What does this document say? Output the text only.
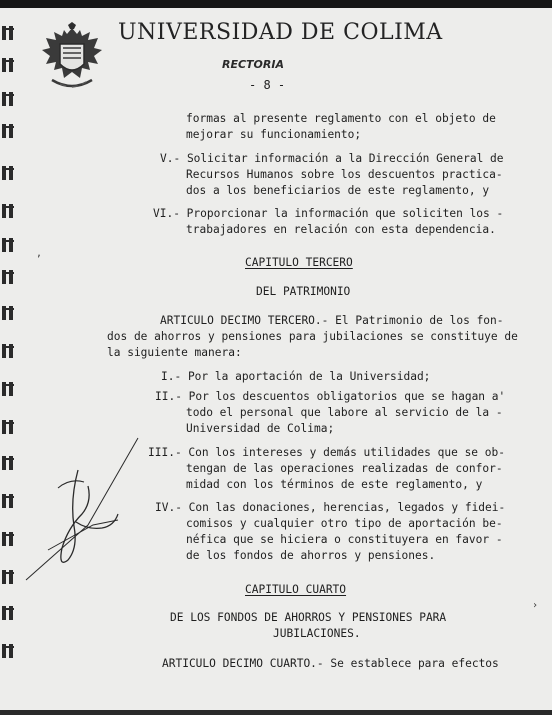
UNIVERSIDAD DE COLIMA
RECTORIA
- 8 -
formas al presente reglamento con el objeto de
mejorar su funcionamiento;
V.- Solicitar información a la Dirección General de
Recursos Humanos sobre los descuentos practica-
dos a los beneficiarios de este reglamento, y
VI.- Proporcionar la información que soliciten los -
trabajadores en relación con esta dependencia.
CAPITULO TERCERO
DEL PATRIMONIO
ARTICULO DECIMO TERCERO.- El Patrimonio de los fon-
dos de ahorros y pensiones para jubilaciones se constituye de
la siguiente manera:
I.- Por la aportación de la Universidad;
II.- Por los descuentos obligatorios que se hagan a'
todo el personal que labore al servicio de la -
Universidad de Colima;
III.- Con los intereses y demás utilidades que se ob-
tengan de las operaciones realizadas de confor-
midad con los términos de este reglamento, y
IV.- Con las donaciones, herencias, legados y fidei-
comisos y cualquier otro tipo de aportación be-
néfica que se hiciera o constituyera en favor -
de los fondos de ahorros y pensiones.
CAPITULO CUARTO
DE LOS FONDOS DE AHORROS Y PENSIONES PARA
JUBILACIONES.
ARTICULO DECIMO CUARTO.- Se establece para efectos
,
›
